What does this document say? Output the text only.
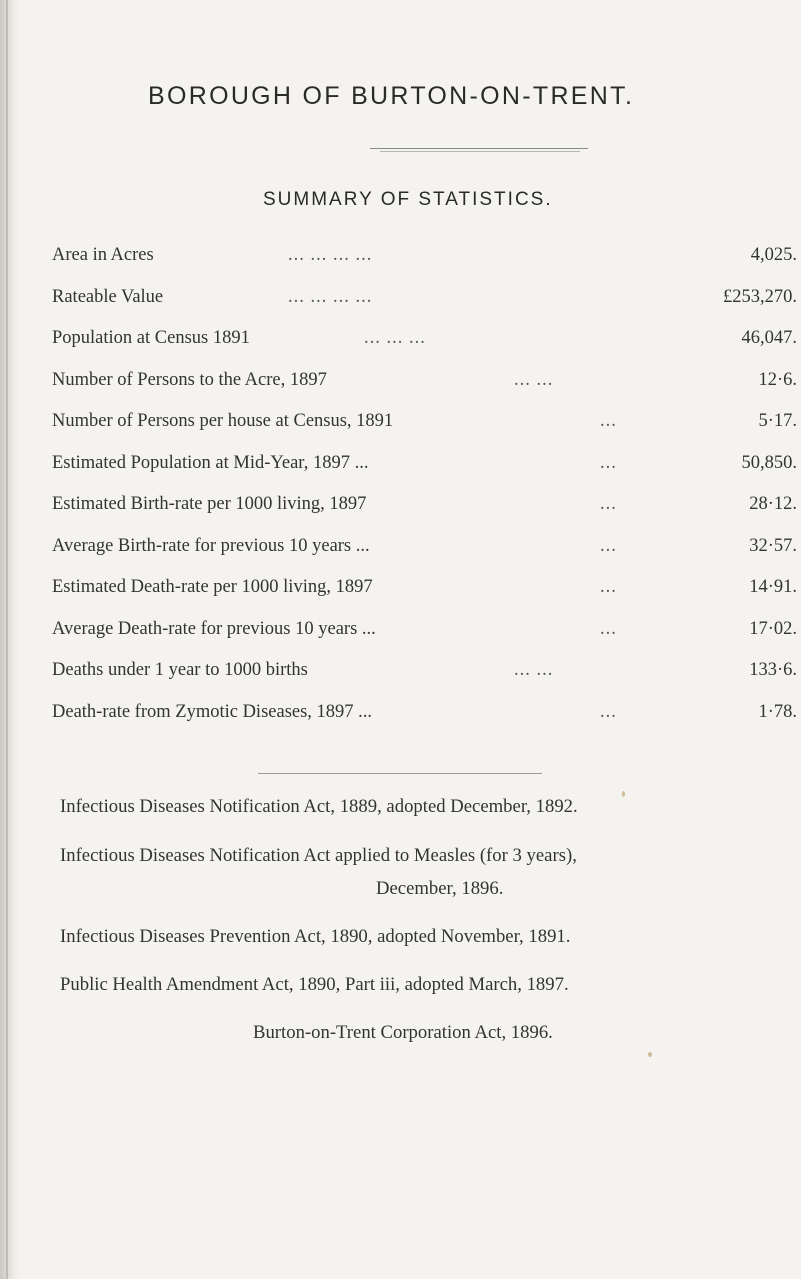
BOROUGH OF BURTON-ON-TRENT.
SUMMARY OF STATISTICS.
Area in Acres	... ... ... ...	4,025.
Rateable Value	... ... ... ...	£253,270.
Population at Census 1891	... ... ...	46,047.
Number of Persons to the Acre, 1897	... ...	12·6.
Number of Persons per house at Census, 1891	...	5·17.
Estimated Population at Mid-Year, 1897 ...	...	50,850.
Estimated Birth-rate per 1000 living, 1897	...	28·12.
Average Birth-rate for previous 10 years ...	...	32·57.
Estimated Death-rate per 1000 living, 1897	...	14·91.
Average Death-rate for previous 10 years ...	...	17·02.
Deaths under 1 year to 1000 births	... ...	133·6.
Death-rate from Zymotic Diseases, 1897 ...	...	1·78.
Infectious Diseases Notification Act, 1889, adopted December, 1892.
Infectious Diseases Notification Act applied to Measles (for 3 years),
December, 1896.
Infectious Diseases Prevention Act, 1890, adopted November, 1891.
Public Health Amendment Act, 1890, Part iii, adopted March, 1897.
Burton-on-Trent Corporation Act, 1896.
